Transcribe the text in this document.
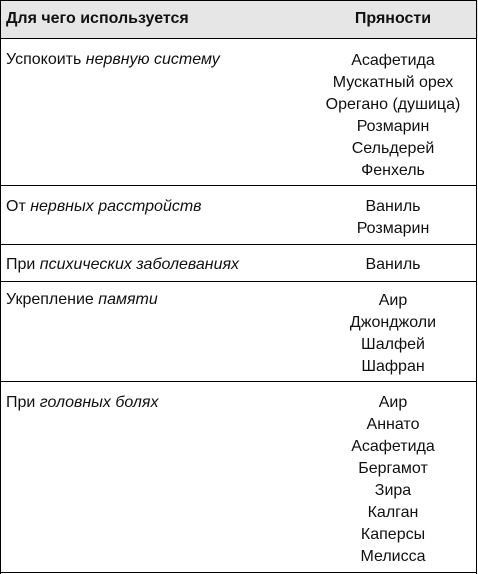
Для чего используется	Пряности
Успокоить нервную систему	Асафетида
Мускатный орех
Орегано (душица)
Розмарин
Сельдерей
Фенхель
От нервных расстройств	Ваниль
Розмарин
При психических заболеваниях	Ваниль
Укрепление памяти	Аир
Джонджоли
Шалфей
Шафран
При головных болях	Аир
Аннато
Асафетида
Бергамот
Зира
Калган
Каперсы
Мелисса
